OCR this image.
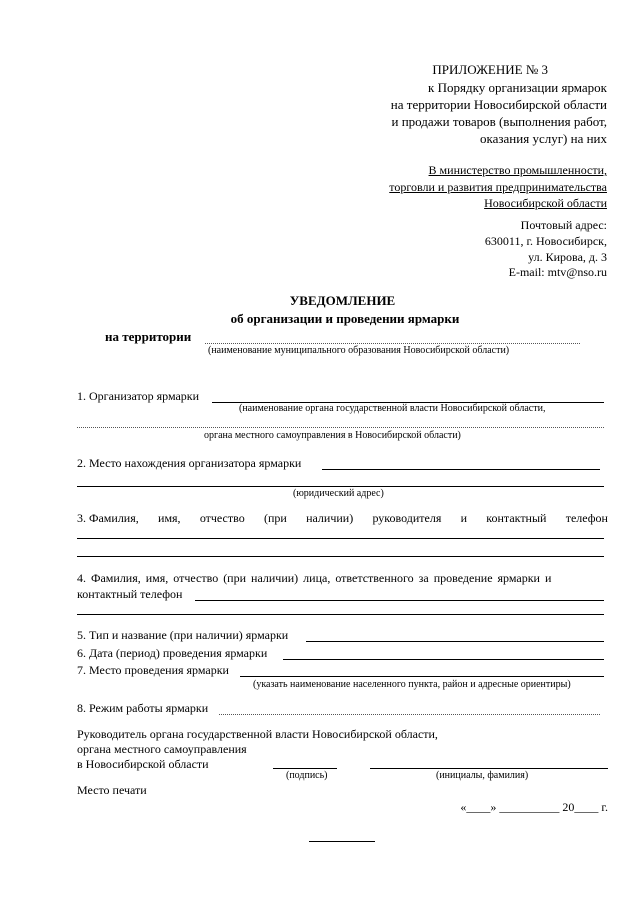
ПРИЛОЖЕНИЕ № 3
к Порядку организации ярмарок
на территории Новосибирской области
и продажи товаров (выполнения работ,
оказания услуг) на них
В министерство промышленности,
торговли и развития предпринимательства
Новосибирской области
Почтовый адрес:
630011, г. Новосибирск,
ул. Кирова, д. 3
E-mail: mtv@nso.ru
УВЕДОМЛЕНИЕ
об организации и проведении ярмарки
на территории
(наименование муниципального образования Новосибирской области)
1. Организатор ярмарки
(наименование органа государственной власти Новосибирской области,
органа местного самоуправления в Новосибирской области)
2. Место нахождения организатора ярмарки
(юридический адрес)
3. Фамилия, имя, отчество (при наличии) руководителя и контактный телефон
4. Фамилия, имя, отчество (при наличии) лица, ответственного за проведение ярмарки и
контактный телефон
5. Тип и название (при наличии) ярмарки
6. Дата (период) проведения ярмарки
7. Место проведения ярмарки
(указать наименование населенного пункта, район и адресные ориентиры)
8. Режим работы ярмарки
Руководитель органа государственной власти Новосибирской области,
органа местного самоуправления
в Новосибирской области
(подпись)	(инициалы, фамилия)
Место печати
«____» __________ 20____ г.
